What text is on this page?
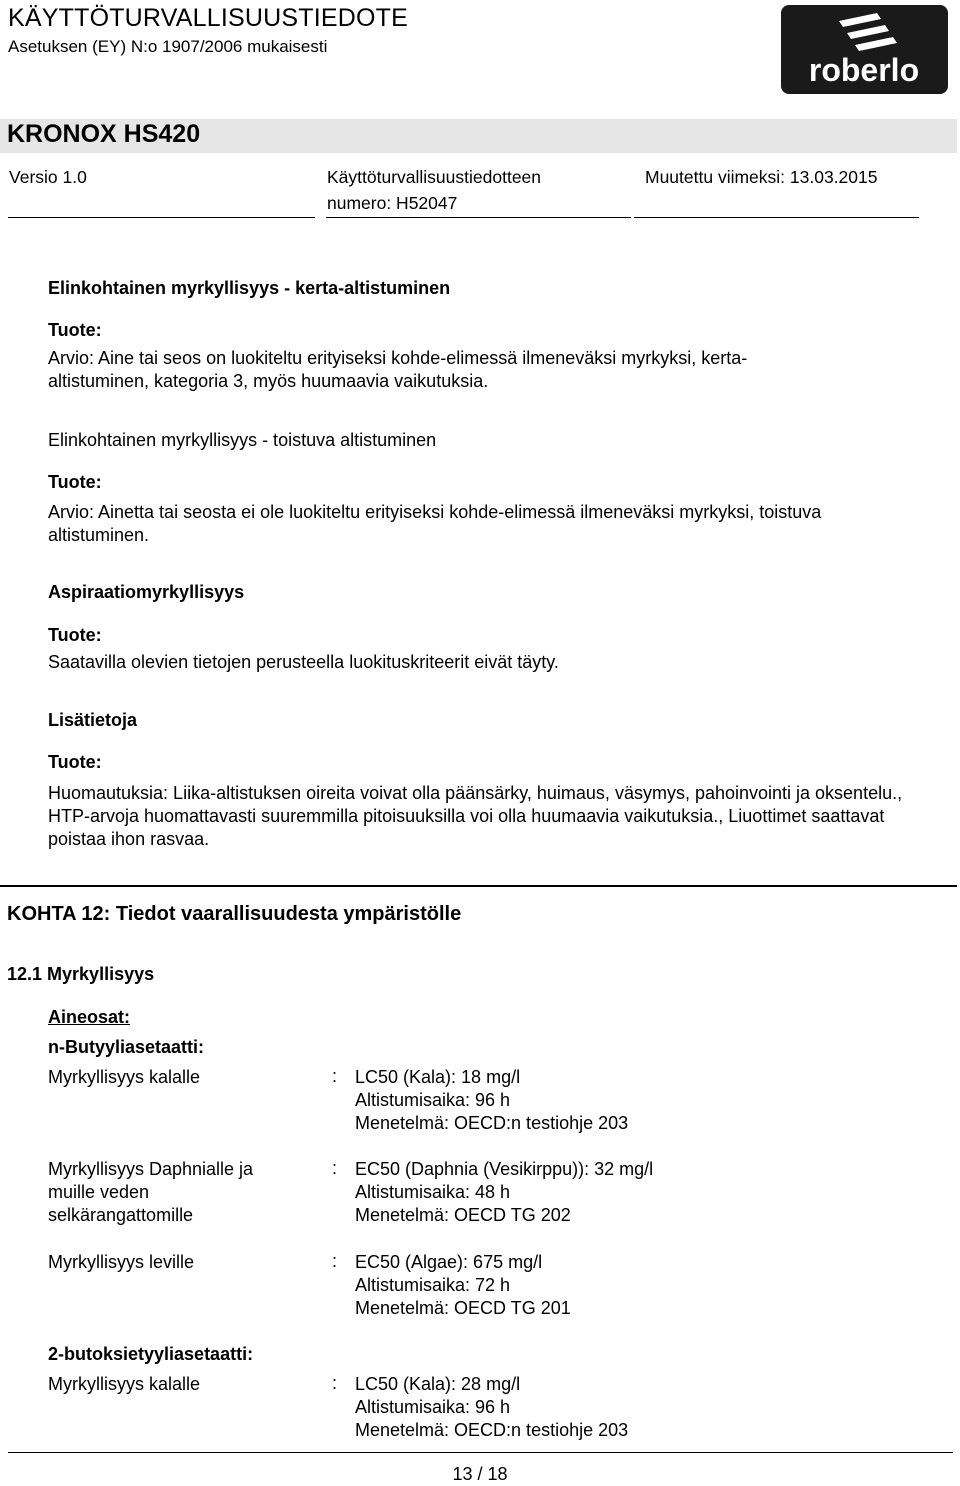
KÄYTTÖTURVALLISUUSTIEDOTE
Asetuksen (EY) N:o 1907/2006 mukaisesti
roberlo
KRONOX HS420
Versio 1.0	Käyttöturvallisuustiedotteen
numero: H52047
Muutettu viimeksi: 13.03.2015
Elinkohtainen myrkyllisyys - kerta-altistuminen
Tuote:
Arvio: Aine tai seos on luokiteltu erityiseksi kohde-elimessä ilmeneväksi myrkyksi, kerta-altistuminen, kategoria 3, myös huumaavia vaikutuksia.
Elinkohtainen myrkyllisyys - toistuva altistuminen
Tuote:
Arvio: Ainetta tai seosta ei ole luokiteltu erityiseksi kohde-elimessä ilmeneväksi myrkyksi, toistuva altistuminen.
Aspiraatiomyrkyllisyys
Tuote:
Saatavilla olevien tietojen perusteella luokituskriteerit eivät täyty.
Lisätietoja
Tuote:
Huomautuksia: Liika-altistuksen oireita voivat olla päänsärky, huimaus, väsymys, pahoinvointi ja oksentelu., HTP-arvoja huomattavasti suuremmilla pitoisuuksilla voi olla huumaavia vaikutuksia., Liuottimet saattavat poistaa ihon rasvaa.
KOHTA 12: Tiedot vaarallisuudesta ympäristölle
12.1 Myrkyllisyys
Aineosat:
n-Butyyliasetaatti:
Myrkyllisyys kalalle	: LC50 (Kala): 18 mg/l
Altistumisaika: 96 h
Menetelmä: OECD:n testiohje 203
Myrkyllisyys Daphnialle ja muille veden selkärangattomille
: EC50 (Daphnia (Vesikirppu)): 32 mg/l
Altistumisaika: 48 h
Menetelmä: OECD TG 202
Myrkyllisyys leville	: EC50 (Algae): 675 mg/l
Altistumisaika: 72 h
Menetelmä: OECD TG 201
2-butoksietyyliasetaatti:
Myrkyllisyys kalalle	: LC50 (Kala): 28 mg/l
Altistumisaika: 96 h
Menetelmä: OECD:n testiohje 203
13 / 18
